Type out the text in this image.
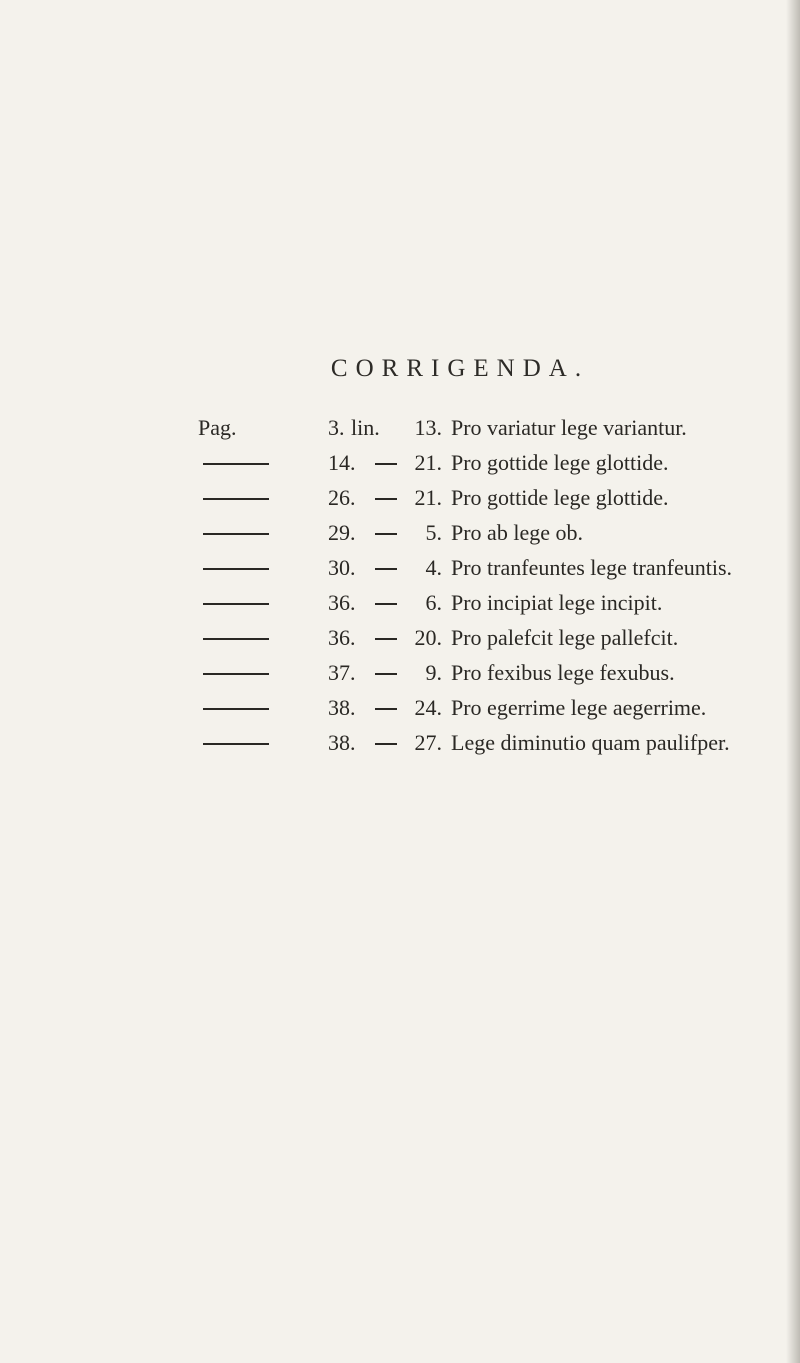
CORRIGENDA.
Pag.	3. lin. 13. Pro variatur lege variantur.
14.	21. Pro gottide lege glottide.
26.	21. Pro gottide lege glottide.
29.	5. Pro ab lege ob.
30.	4. Pro tranfeuntes lege tranfeuntis.
36.	6. Pro incipiat lege incipit.
36.	20. Pro palefcit lege pallefcit.
37.	9. Pro fexibus lege fexubus.
38.	24. Pro egerrime lege aegerrime.
38.	27. Lege diminutio quam paulifper.
